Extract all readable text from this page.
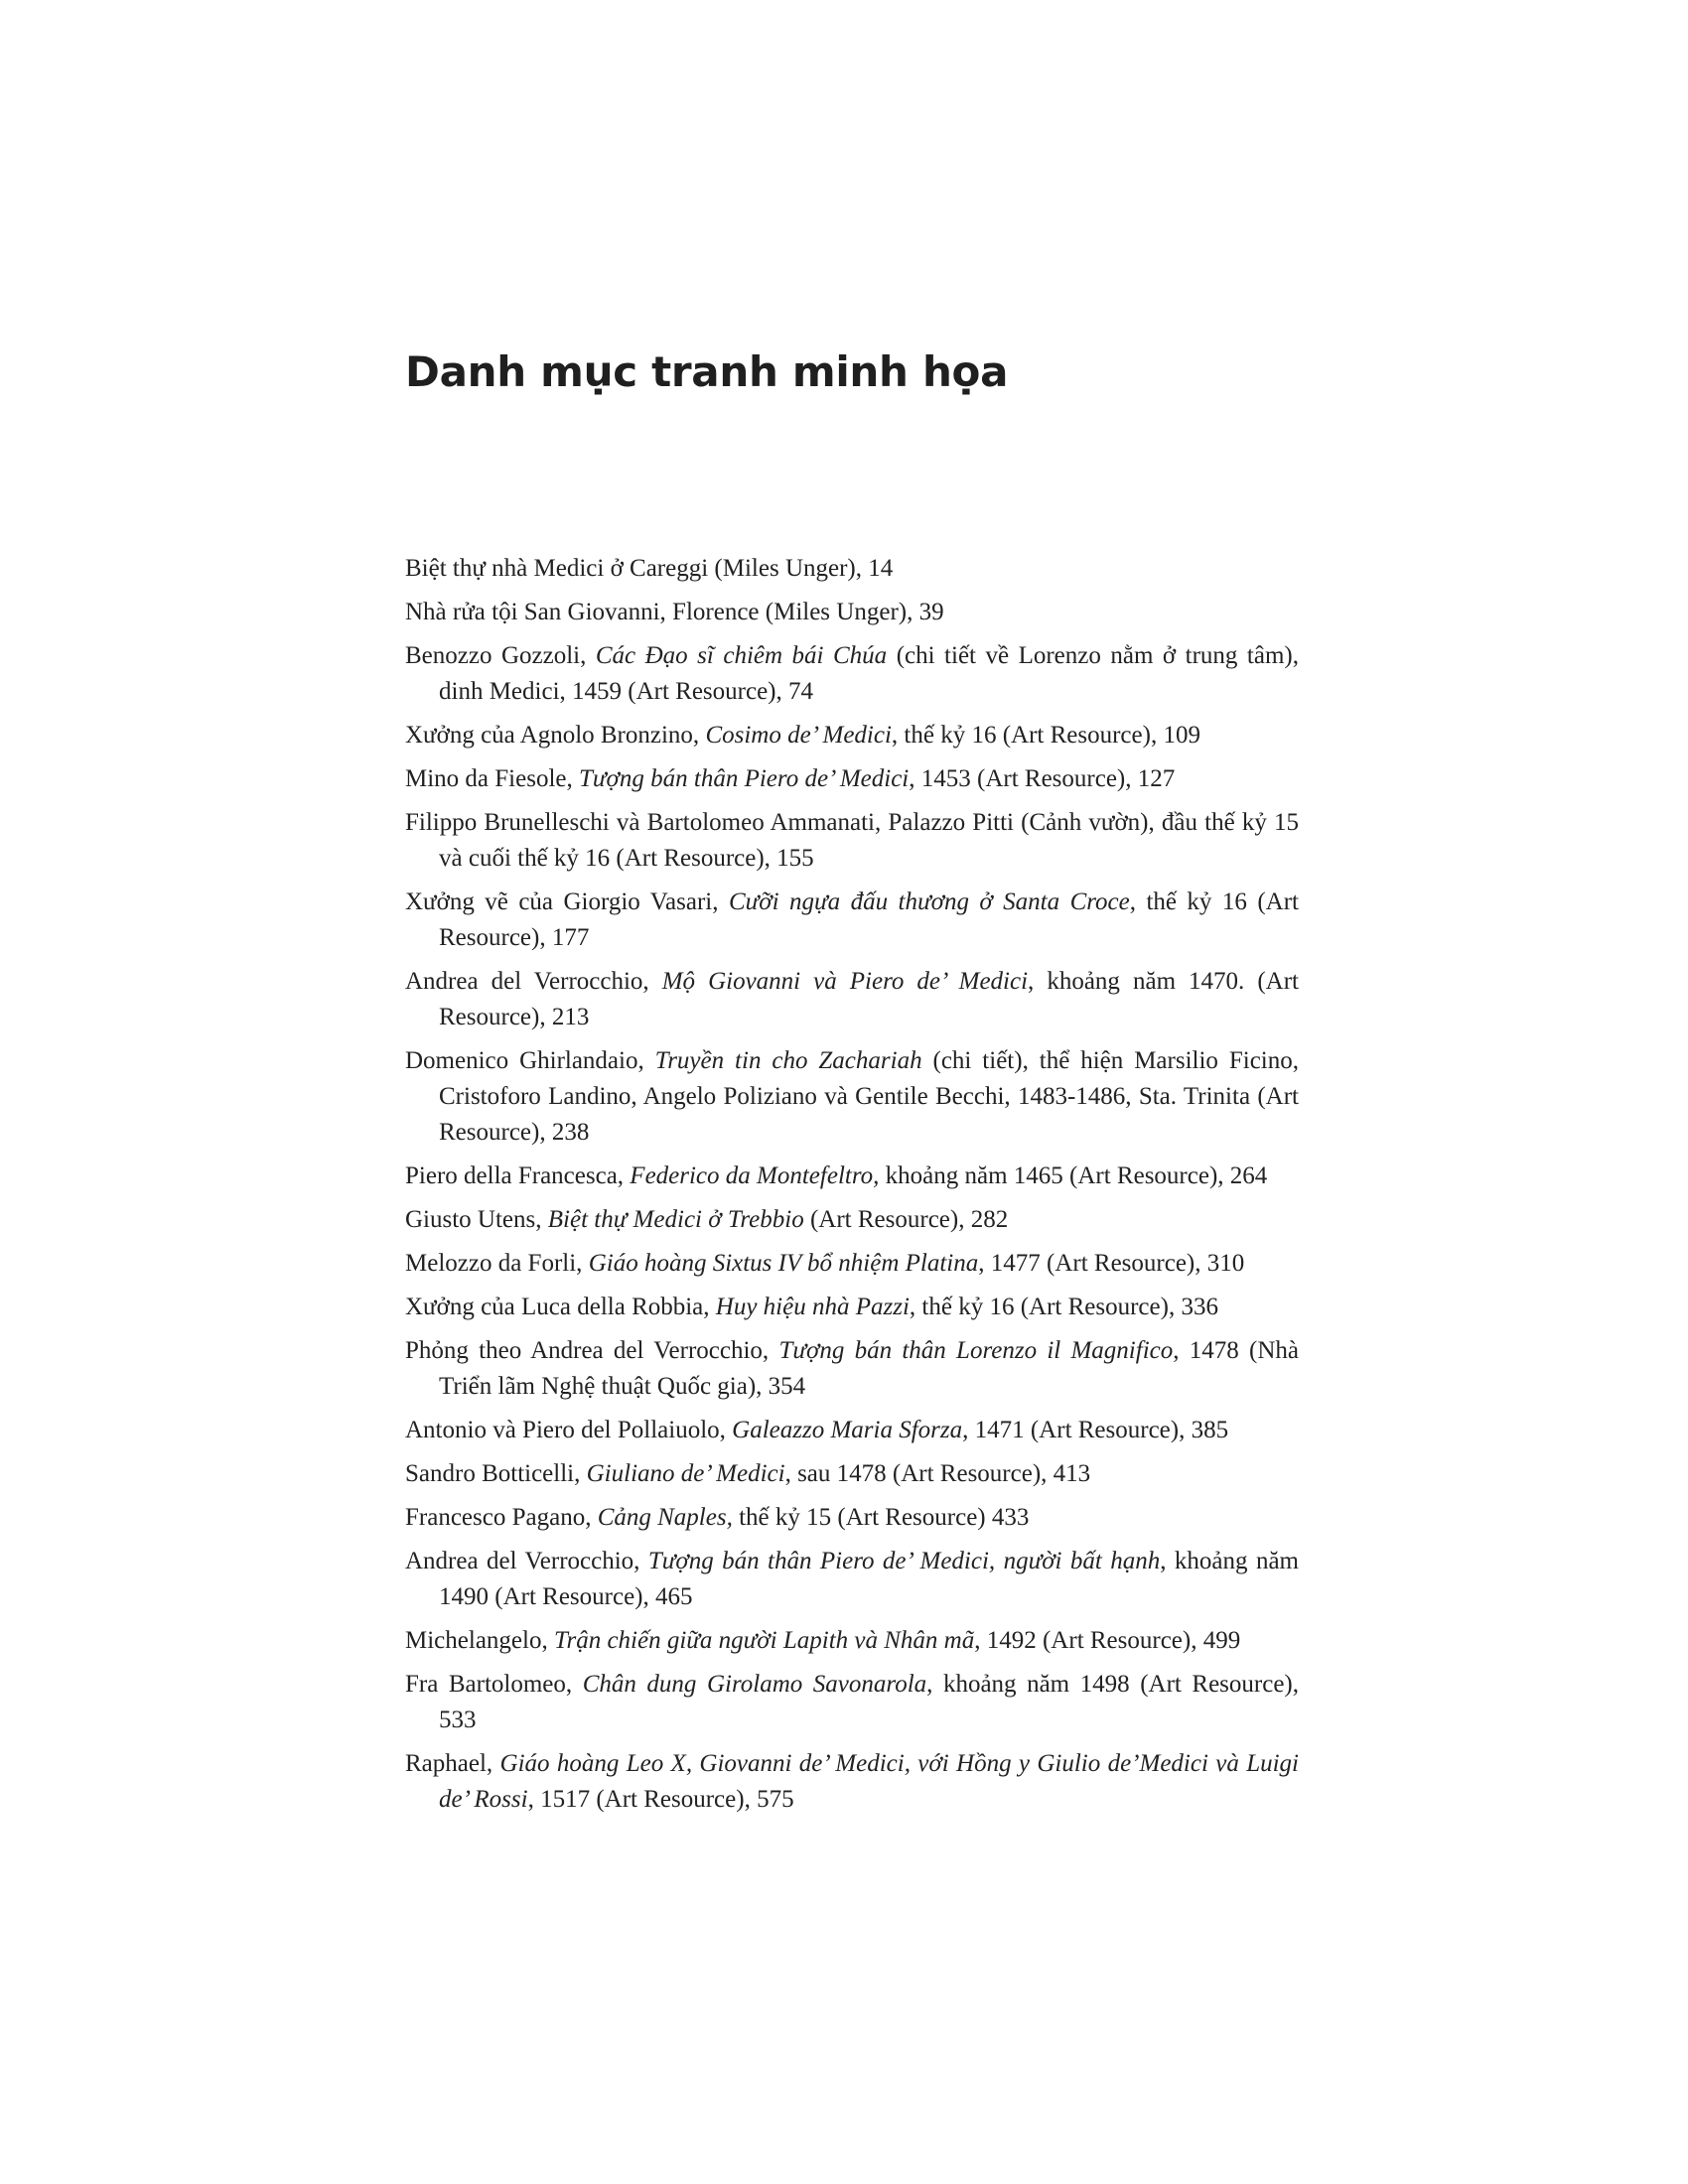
Danh mục tranh minh họa
Biệt thự nhà Medici ở Careggi (Miles Unger), 14
Nhà rửa tội San Giovanni, Florence (Miles Unger), 39
Benozzo Gozzoli, Các Đạo sĩ chiêm bái Chúa (chi tiết về Lorenzo nằm ở trung tâm), dinh Medici, 1459 (Art Resource), 74
Xưởng của Agnolo Bronzino, Cosimo de’ Medici, thế kỷ 16 (Art Resource), 109
Mino da Fiesole, Tượng bán thân Piero de’ Medici, 1453 (Art Resource), 127
Filippo Brunelleschi và Bartolomeo Ammanati, Palazzo Pitti (Cảnh vườn), đầu thế kỷ 15 và cuối thế kỷ 16 (Art Resource), 155
Xưởng vẽ của Giorgio Vasari, Cưỡi ngựa đấu thương ở Santa Croce, thế kỷ 16 (Art Resource), 177
Andrea del Verrocchio, Mộ Giovanni và Piero de’ Medici, khoảng năm 1470. (Art Resource), 213
Domenico Ghirlandaio, Truyền tin cho Zachariah (chi tiết), thể hiện Marsilio Ficino, Cristoforo Landino, Angelo Poliziano và Gentile Becchi, 1483-1486, Sta. Trinita (Art Resource), 238
Piero della Francesca, Federico da Montefeltro, khoảng năm 1465 (Art Resource), 264
Giusto Utens, Biệt thự Medici ở Trebbio (Art Resource), 282
Melozzo da Forli, Giáo hoàng Sixtus IV bổ nhiệm Platina, 1477 (Art Resource), 310
Xưởng của Luca della Robbia, Huy hiệu nhà Pazzi, thế kỷ 16 (Art Resource), 336
Phỏng theo Andrea del Verrocchio, Tượng bán thân Lorenzo il Magnifico, 1478 (Nhà Triển lãm Nghệ thuật Quốc gia), 354
Antonio và Piero del Pollaiuolo, Galeazzo Maria Sforza, 1471 (Art Resource), 385
Sandro Botticelli, Giuliano de’ Medici, sau 1478 (Art Resource), 413
Francesco Pagano, Cảng Naples, thế kỷ 15 (Art Resource) 433
Andrea del Verrocchio, Tượng bán thân Piero de’ Medici, người bất hạnh, khoảng năm 1490 (Art Resource), 465
Michelangelo, Trận chiến giữa người Lapith và Nhân mã, 1492 (Art Resource), 499
Fra Bartolomeo, Chân dung Girolamo Savonarola, khoảng năm 1498 (Art Resource), 533
Raphael, Giáo hoàng Leo X, Giovanni de’ Medici, với Hồng y Giulio de’Medici và Luigi de’ Rossi, 1517 (Art Resource), 575
